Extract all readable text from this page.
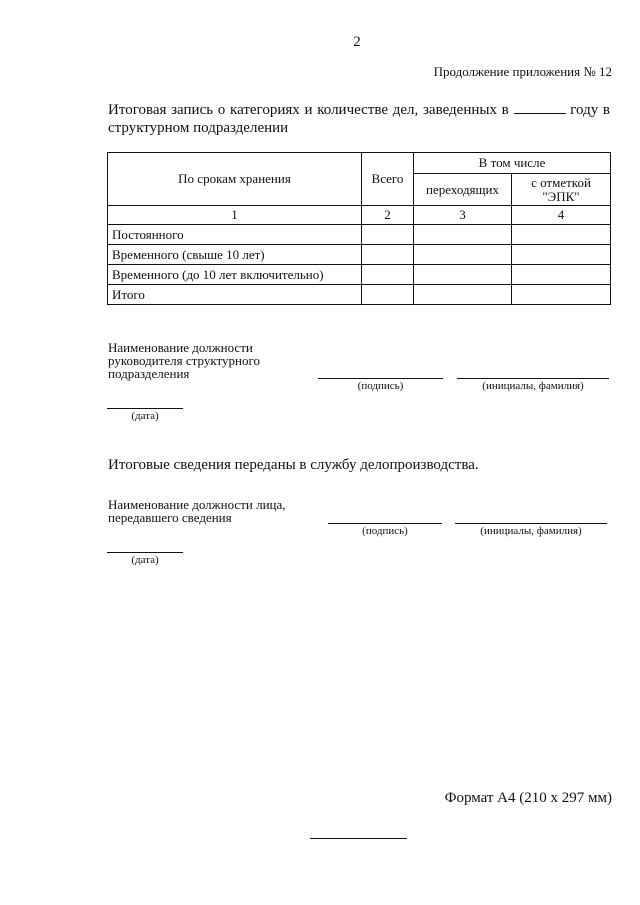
2
Продолжение приложения № 12
Итоговая запись о категориях и количестве дел, заведенных в	году в структурном подразделении
По срокам хранения	Всего	В том числе	
		переходящих	с отметкой "ЭПК"
1	2	3	4
Постоянного			
Временного (свыше 10 лет)			
Временного (до 10 лет включительно)			
Итого			
Наименование должности
руководителя структурного
подразделения
(подпись)	(инициалы, фамилия)
(дата)
Итоговые сведения переданы в службу делопроизводства.
Наименование должности лица,
передавшего сведения
(подпись)	(инициалы, фамилия)
(дата)
Формат А4 (210 х 297 мм)
